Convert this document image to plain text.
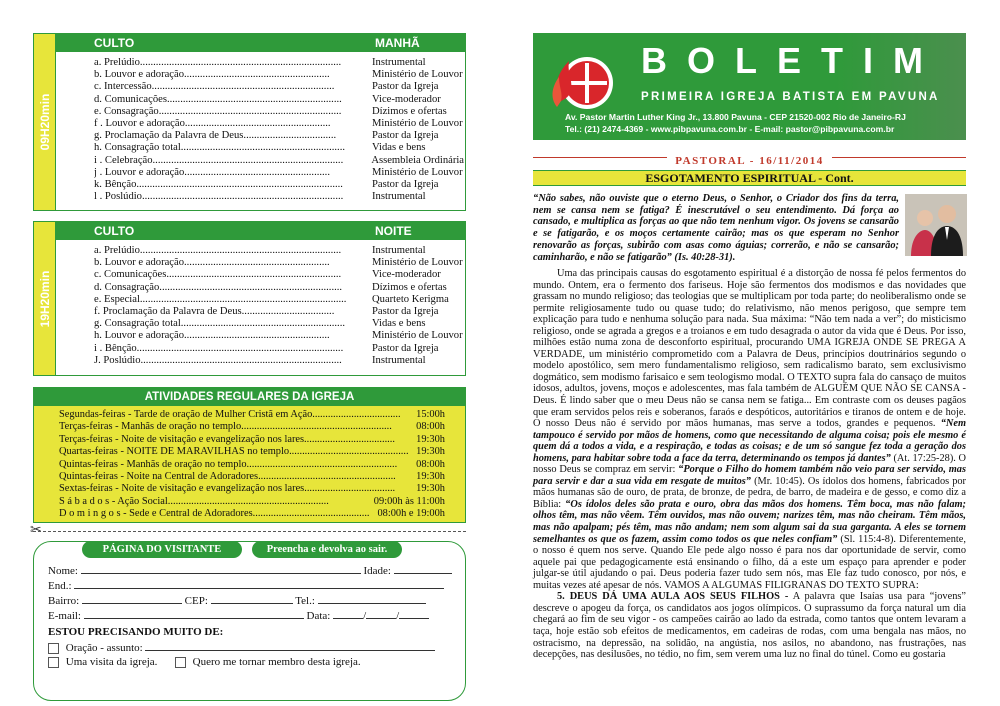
09H20min
CULTO	MANHÃ
a. Prelúdio............................................................................	Instrumental
b. Louvor e adoração.......................................................	Ministério de Louvor
c. Intercessão.....................................................................	Pastor da Igreja
d. Comunicações..................................................................	Vice-moderador
e. Consagração.....................................................................	Dízimos e ofertas
f . Louvor e adoração.......................................................	Ministério de Louvor
g. Proclamação da Palavra de Deus...................................	Pastor da Igreja
h. Consagração total..............................................................	Vidas e bens
i . Celebração........................................................................	Assembleia Ordinária
j . Louvor e adoração.......................................................	Ministério de Louvor
k. Bênção..............................................................................	Pastor da Igreja
l . Poslúdio............................................................................	Instrumental
19H20min
CULTO	NOITE
a. Prelúdio............................................................................	Instrumental
b. Louvor e adoração.......................................................	Ministério de Louvor
c. Comunicações..................................................................	Vice-moderador
d. Consagração.....................................................................	Dízimos e ofertas
e. Especial..............................................................................	Quarteto Kerigma
f. Proclamação da Palavra de Deus...................................	Pastor da Igreja
g. Consagração total..............................................................	Vidas e bens
h. Louvor e adoração.......................................................	Ministério de Louvor
i . Bênção..............................................................................	Pastor da Igreja
J. Poslúdio............................................................................	Instrumental
ATIVIDADES REGULARES DA IGREJA
Segundas-feiras - Tarde de oração de Mulher Cristã em Ação..................................	15:00h
Terças-feiras - Manhãs de oração no templo..........................................................	08:00h
Terças-feiras - Noite de visitação e evangelização nos lares...................................	19:30h
Quartas-feiras - NOITE DE MARAVILHAS no templo.............................................. 19:30h
Quintas-feiras - Manhãs de oração no templo..........................................................	08:00h
Quintas-feiras - Noite na Central de Adoradores.....................................................	19:30h
Sextas-feiras - Noite de visitação e evangelização nos lares...................................	19:30h
S á b a d o s - Ação Social..............................................................	09:00h às 11:00h
D o m i n g o s - Sede e Central de Adoradores............................................. 08:00h e 19:00h
✂
PÁGINA DO VISITANTE	Preencha e devolva ao sair.
Nome:	Idade:
End.:
Bairro:	CEP:	Tel.:
E-mail:	Data:	/	/
ESTOU PRECISANDO MUITO DE:
Oração - assunto:
Uma visita da igreja.	Quero me tornar membro desta igreja.
BOLETIM
PRIMEIRA IGREJA BATISTA EM PAVUNA
Av. Pastor Martin Luther King Jr., 13.800 Pavuna - CEP 21520-002 Rio de Janeiro-RJ
Tel.: (21) 2474-4369 - www.pibpavuna.com.br - E-mail: pastor@pibpavuna.com.br
PASTORAL - 16/11/2014
ESGOTAMENTO ESPIRITUAL - Cont.
“Não sabes, não ouviste que o eterno Deus, o Senhor, o Criador dos fins da terra, nem se cansa nem se fatiga? É inescrutável o seu entendimento. Dá força ao cansado, e multiplica as forças ao que não tem nenhum vigor. Os jovens se cansarão e se fatigarão, e os moços certamente cairão; mas os que esperam no Senhor renovarão as forças, subirão com asas como águias; correrão, e não se cansarão; caminharão, e não se fatigarão” (Is. 40:28-31).

Uma das principais causas do esgotamento espiritual é a distorção de nossa fé pelos fermentos do mundo. Ontem, era o fermento dos fariseus. Hoje são fermentos dos modismos e das novidades que grassam no mundo religioso; das teologias que se multiplicam por toda parte; do neoliberalismo onde se permite religiosamente tudo ou quase tudo; do relativismo, não menos perigoso, que sempre tem explicação para tudo e nenhuma solução para nada. Sua máxima: “Não tem nada a ver”; do misticismo religioso, onde se agrada a gregos e a troianos e em tudo desagrada o autor da vida que é Deus. Por isso, milhões estão numa zona de desconforto espiritual, procurando UMA IGREJA ONDE SE PREGA A VERDADE, um ministério comprometido com a Palavra de Deus, princípios doutrinários segundo o modelo apostólico, sem mero fundamentalismo religioso, sem radicalismo barato, sem exclusivismo dogmático, sem modismo farisaico e sem teologismo modal. O TEXTO supra fala do cansaço de muitos idosos, adultos, jovens, moços e adolescentes, mas fala também de ALGUÉM QUE NÃO SE CANSA - Deus. É lindo saber que o meu Deus não se cansa nem se fatiga... Em contraste com os deuses pagãos que eram servidos pelos reis e soberanos, faraós e despóticos, autoritários e tiranos de ontem e de hoje. O nosso Deus não é servido por mãos humanas, mas serve a todos, grandes e pequenos. “Nem tampouco é servido por mãos de homens, como que necessitando de alguma coisa; pois ele mesmo é quem dá a todos a vida, e a respiração, e todas as coisas; e de um só sangue fez toda a geração dos homens, para habitar sobre toda a face da terra, determinando os tempos já dantes” (At. 17:25-28). O nosso Deus se compraz em servir: “Porque o Filho do homem também não veio para ser servido, mas para servir e dar a sua vida em resgate de muitos” (Mr. 10:45). Os ídolos dos homens, fabricados por mãos humanas são de ouro, de prata, de bronze, de pedra, de barro, de madeira e de gesso, e como diz a Bíblia: “Os ídolos deles são prata e ouro, obra das mãos dos homens. Têm boca, mas não falam; olhos têm, mas não vêem. Têm ouvidos, mas não ouvem; narizes têm, mas não cheiram. Têm mãos, mas não apalpam; pés têm, mas não andam; nem som algum sai da sua garganta. A eles se tornem semelhantes os que os fazem, assim como todos os que neles confiam” (Sl. 115:4-8). Diferentemente, o nosso é quem nos serve. Quando Ele pede algo nosso é para nos dar oportunidade de servir, como aquele pai que pedagogicamente está ensinando o filho, dá a este um espaço para aprender e poder julgar-se útil ajudando o pai. Deus poderia fazer tudo sem nós, mas Ele faz tudo conosco, por nós, e muitas vezes até apesar de nós. VAMOS A ALGUMAS FILIGRANAS DO TEXTO SUPRA:

5. DEUS DÁ UMA AULA AOS SEUS FILHOS - A palavra que Isaías usa para “jovens” descreve o apogeu da força, os candidatos aos jogos olímpicos. O suprassumo da força natural um dia chegará ao fim de seu vigor - os campeões cairão ao lado da estrada, como tantos que ontem levaram a taça, hoje estão sob efeitos de medicamentos, em cadeiras de rodas, com uma bengala nas mãos, no ostracismo, na depressão, na solidão, na angústia, nos asilos, no abandono, nas frustrações, nas decepções, nas desilusões, no tédio, no fim, sem verem uma luz no final do túnel. Como eu gostaria
